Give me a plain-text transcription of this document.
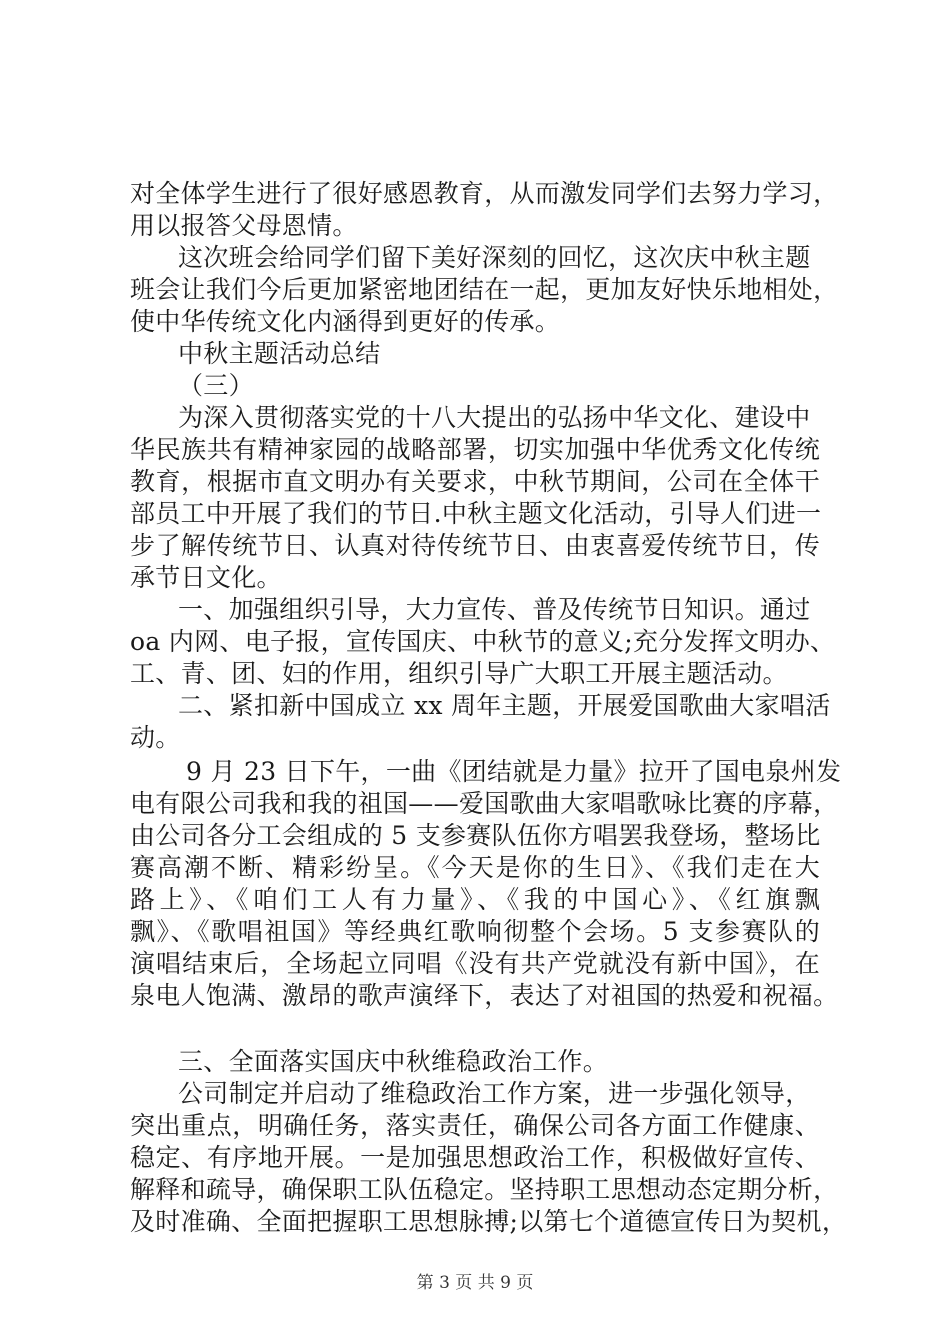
对全体学生进行了很好感恩教育，从而激发同学们去努力学习，
用以报答父母恩情。
这次班会给同学们留下美好深刻的回忆，这次庆中秋主题
班会让我们今后更加紧密地团结在一起，更加友好快乐地相处，
使中华传统文化内涵得到更好的传承。
中秋主题活动总结
（三）
为深入贯彻落实党的十八大提出的弘扬中华文化、建设中
华民族共有精神家园的战略部署，切实加强中华优秀文化传统
教育，根据市直文明办有关要求，中秋节期间，公司在全体干
部员工中开展了我们的节日.中秋主题文化活动，引导人们进一
步了解传统节日、认真对待传统节日、由衷喜爱传统节日，传
承节日文化。
一、加强组织引导，大力宣传、普及传统节日知识。通过
oa 内网、电子报，宣传国庆、中秋节的意义;充分发挥文明办、
工、青、团、妇的作用，组织引导广大职工开展主题活动。
二、紧扣新中国成立 xx 周年主题，开展爱国歌曲大家唱活
动。
9 月 23 日下午，一曲《团结就是力量》拉开了国电泉州发
电有限公司我和我的祖国——爱国歌曲大家唱歌咏比赛的序幕，
由公司各分工会组成的 5 支参赛队伍你方唱罢我登场，整场比
赛高潮不断、精彩纷呈。《今天是你的生日》、《我们走在大
路上》、《咱们工人有力量》、《我的中国心》、《红旗飘
飘》、《歌唱祖国》等经典红歌响彻整个会场。5 支参赛队的
演唱结束后，全场起立同唱《没有共产党就没有新中国》，在
泉电人饱满、激昂的歌声演绎下，表达了对祖国的热爱和祝福。
三、全面落实国庆中秋维稳政治工作。
公司制定并启动了维稳政治工作方案，进一步强化领导，
突出重点，明确任务，落实责任，确保公司各方面工作健康、
稳定、有序地开展。一是加强思想政治工作，积极做好宣传、
解释和疏导，确保职工队伍稳定。坚持职工思想动态定期分析，
及时准确、全面把握职工思想脉搏;以第七个道德宣传日为契机，
第 3 页 共 9 页
